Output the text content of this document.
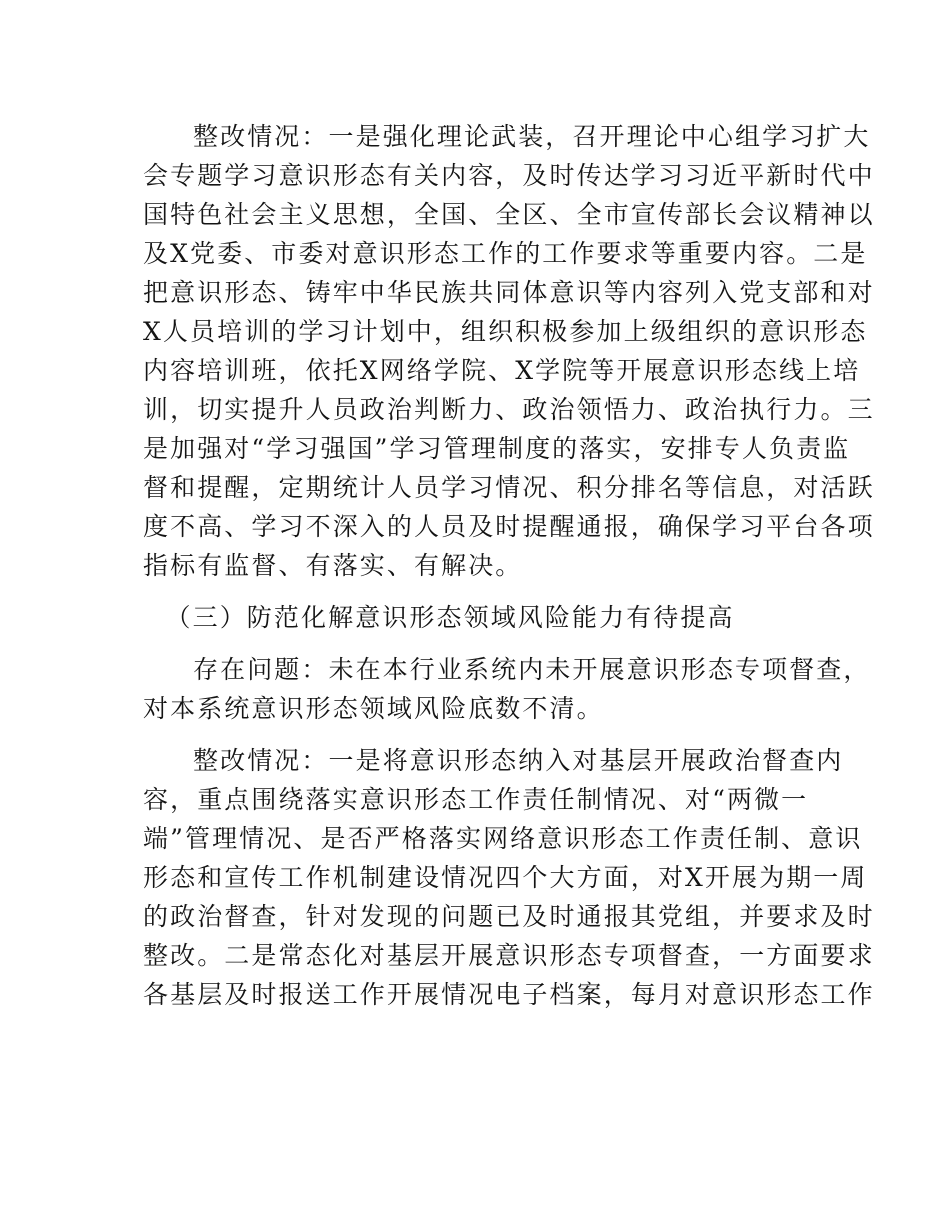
整改情况：一是强化理论武装，召开理论中心组学习扩大
会专题学习意识形态有关内容，及时传达学习习近平新时代中
国特色社会主义思想，全国、全区、全市宣传部长会议精神以
及X党委、市委对意识形态工作的工作要求等重要内容。二是
把意识形态、铸牢中华民族共同体意识等内容列入党支部和对
X人员培训的学习计划中，组织积极参加上级组织的意识形态
内容培训班，依托X网络学院、X学院等开展意识形态线上培
训，切实提升人员政治判断力、政治领悟力、政治执行力。三
是加强对“学习强国”学习管理制度的落实，安排专人负责监
督和提醒，定期统计人员学习情况、积分排名等信息，对活跃
度不高、学习不深入的人员及时提醒通报，确保学习平台各项
指标有监督、有落实、有解决。

（三）防范化解意识形态领域风险能力有待提高

存在问题：未在本行业系统内未开展意识形态专项督查，
对本系统意识形态领域风险底数不清。
整改情况：一是将意识形态纳入对基层开展政治督查内
容，重点围绕落实意识形态工作责任制情况、对“两微一
端”管理情况、是否严格落实网络意识形态工作责任制、意识
形态和宣传工作机制建设情况四个大方面，对X开展为期一周
的政治督查，针对发现的问题已及时通报其党组，并要求及时
整改。二是常态化对基层开展意识形态专项督查，一方面要求
各基层及时报送工作开展情况电子档案，每月对意识形态工作
